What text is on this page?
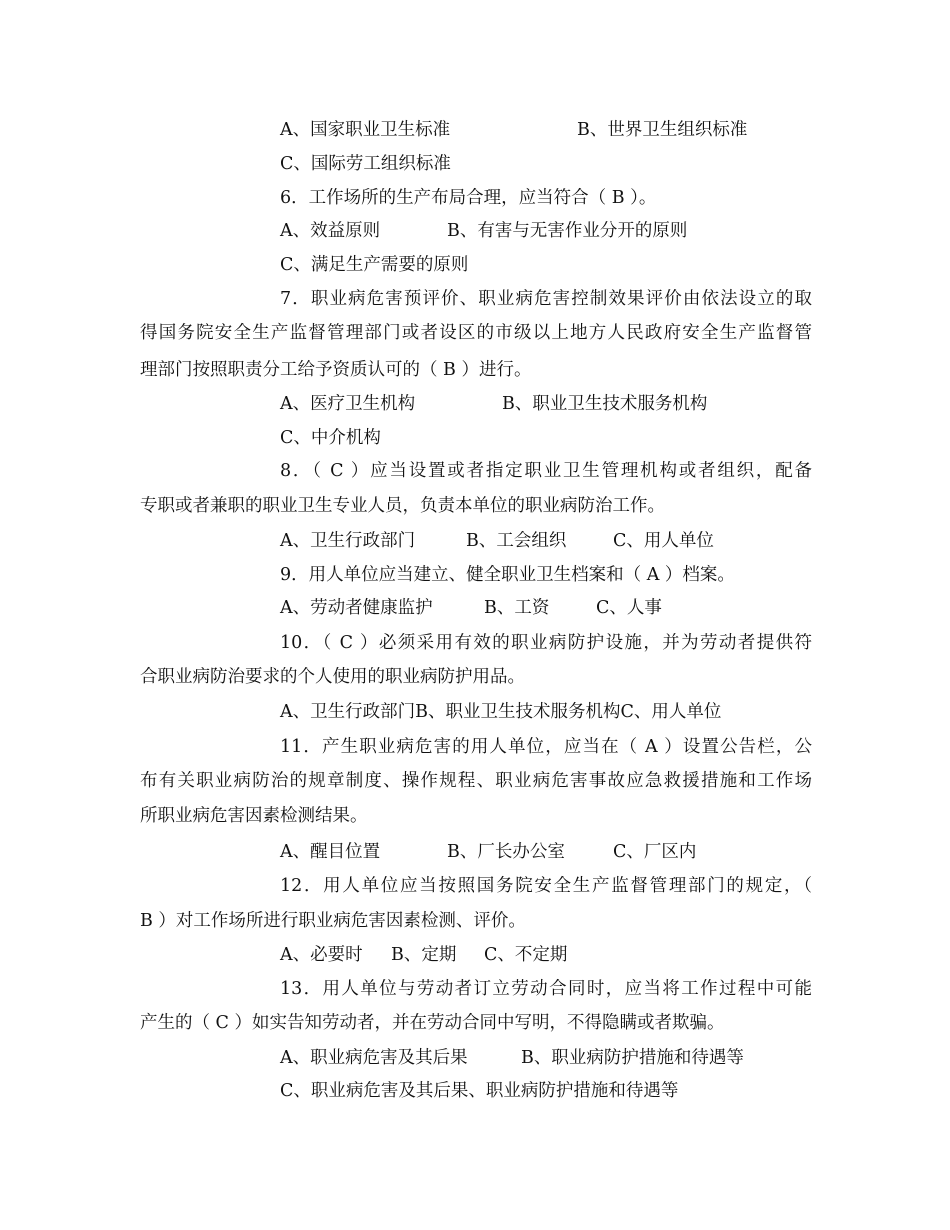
A、国家职业卫生标准	B、世界卫生组织标准
C、国际劳工组织标准
6．工作场所的生产布局合理，应当符合（ B ）。
A、效益原则	B、有害与无害作业分开的原则
C、满足生产需要的原则
7．职业病危害预评价、职业病危害控制效果评价由依法设立的取
得国务院安全生产监督管理部门或者设区的市级以上地方人民政府安全生产监督管
理部门按照职责分工给予资质认可的（ B ）进行。
A、医疗卫生机构	B、职业卫生技术服务机构
C、中介机构
8．（ C ）应当设置或者指定职业卫生管理机构或者组织，配备
专职或者兼职的职业卫生专业人员，负责本单位的职业病防治工作。
A、卫生行政部门	B、工会组织	C、用人单位
9．用人单位应当建立、健全职业卫生档案和（ A ）档案。
A、劳动者健康监护	B、工资	C、人事
10．（ C ）必须采用有效的职业病防护设施，并为劳动者提供符
合职业病防治要求的个人使用的职业病防护用品。
A、卫生行政部门B、职业卫生技术服务机构C、用人单位
11．产生职业病危害的用人单位，应当在（ A ）设置公告栏，公
布有关职业病防治的规章制度、操作规程、职业病危害事故应急救援措施和工作场
所职业病危害因素检测结果。
A、醒目位置	B、厂长办公室	C、厂区内
12．用人单位应当按照国务院安全生产监督管理部门的规定，（
B ）对工作场所进行职业病危害因素检测、评价。
A、必要时 B、定期 C、不定期
13．用人单位与劳动者订立劳动合同时，应当将工作过程中可能
产生的（ C ）如实告知劳动者，并在劳动合同中写明，不得隐瞒或者欺骗。
A、职业病危害及其后果	B、职业病防护措施和待遇等
C、职业病危害及其后果、职业病防护措施和待遇等
